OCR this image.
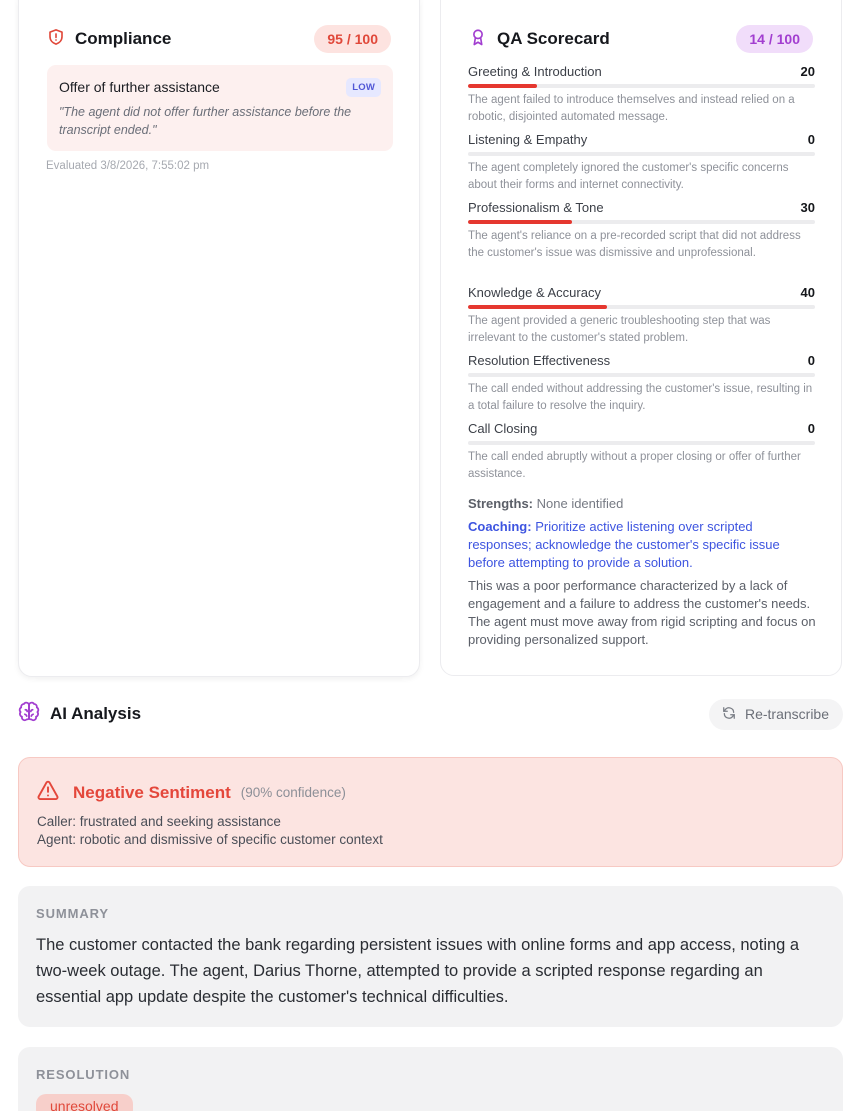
Compliance	95 / 100
Offer of further assistance	LOW
"The agent did not offer further assistance before the transcript ended."
Evaluated 3/8/2026, 7:55:02 pm
QA Scorecard	14 / 100
Greeting & Introduction	20
The agent failed to introduce themselves and instead relied on a robotic, disjointed automated message.
Listening & Empathy	0
The agent completely ignored the customer's specific concerns about their forms and internet connectivity.
Professionalism & Tone	30
The agent's reliance on a pre-recorded script that did not address the customer's issue was dismissive and unprofessional.
Knowledge & Accuracy	40
The agent provided a generic troubleshooting step that was irrelevant to the customer's stated problem.
Resolution Effectiveness	0
The call ended without addressing the customer's issue, resulting in a total failure to resolve the inquiry.
Call Closing	0
The call ended abruptly without a proper closing or offer of further assistance.
Strengths: None identified
Coaching: Prioritize active listening over scripted responses; acknowledge the customer's specific issue before attempting to provide a solution.
This was a poor performance characterized by a lack of engagement and a failure to address the customer's needs. The agent must move away from rigid scripting and focus on providing personalized support.
AI Analysis	Re-transcribe
Negative Sentiment (90% confidence)
Caller: frustrated and seeking assistance
Agent: robotic and dismissive of specific customer context
SUMMARY
The customer contacted the bank regarding persistent issues with online forms and app access, noting a two-week outage. The agent, Darius Thorne, attempted to provide a scripted response regarding an essential app update despite the customer's technical difficulties.
RESOLUTION
unresolved
